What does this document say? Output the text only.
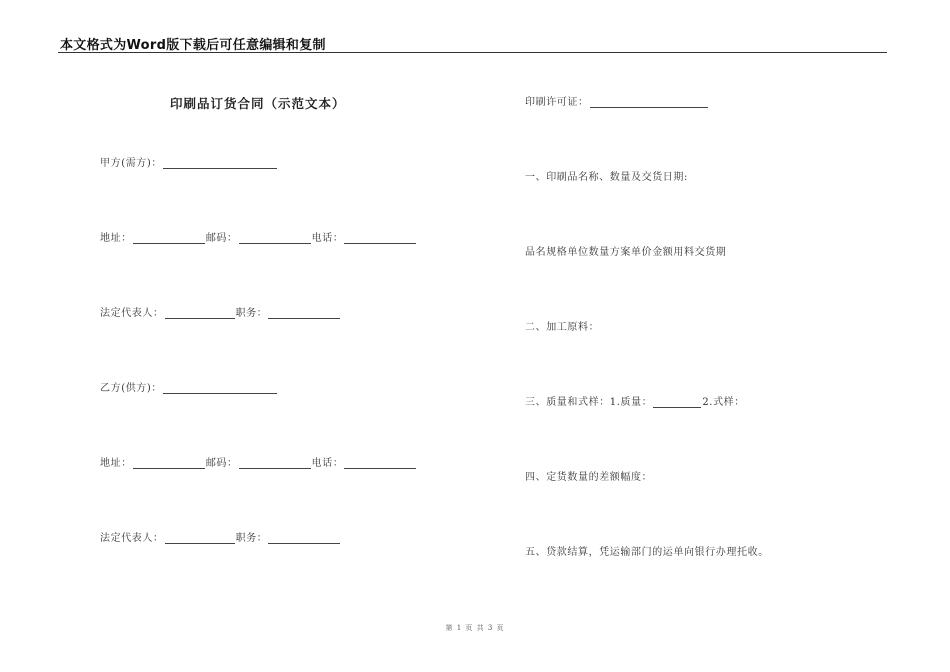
本文格式为Word版下载后可任意编辑和复制
印刷品订货合同（示范文本）
甲方(需方)：
地址：	邮码：	电话：
法定代表人：	职务：
乙方(供方)：
地址：	邮码：	电话：
法定代表人：	职务：
印刷许可证：
一、印刷品名称、数量及交货日期:
品名规格单位数量方案单价金额用料交货期
二、加工原料：
三、质量和式样：1.质量：	2.式样：
四、定货数量的差额幅度：
五、贷款结算，凭运输部门的运单向银行办理托收。
第 1 页 共 3 页
